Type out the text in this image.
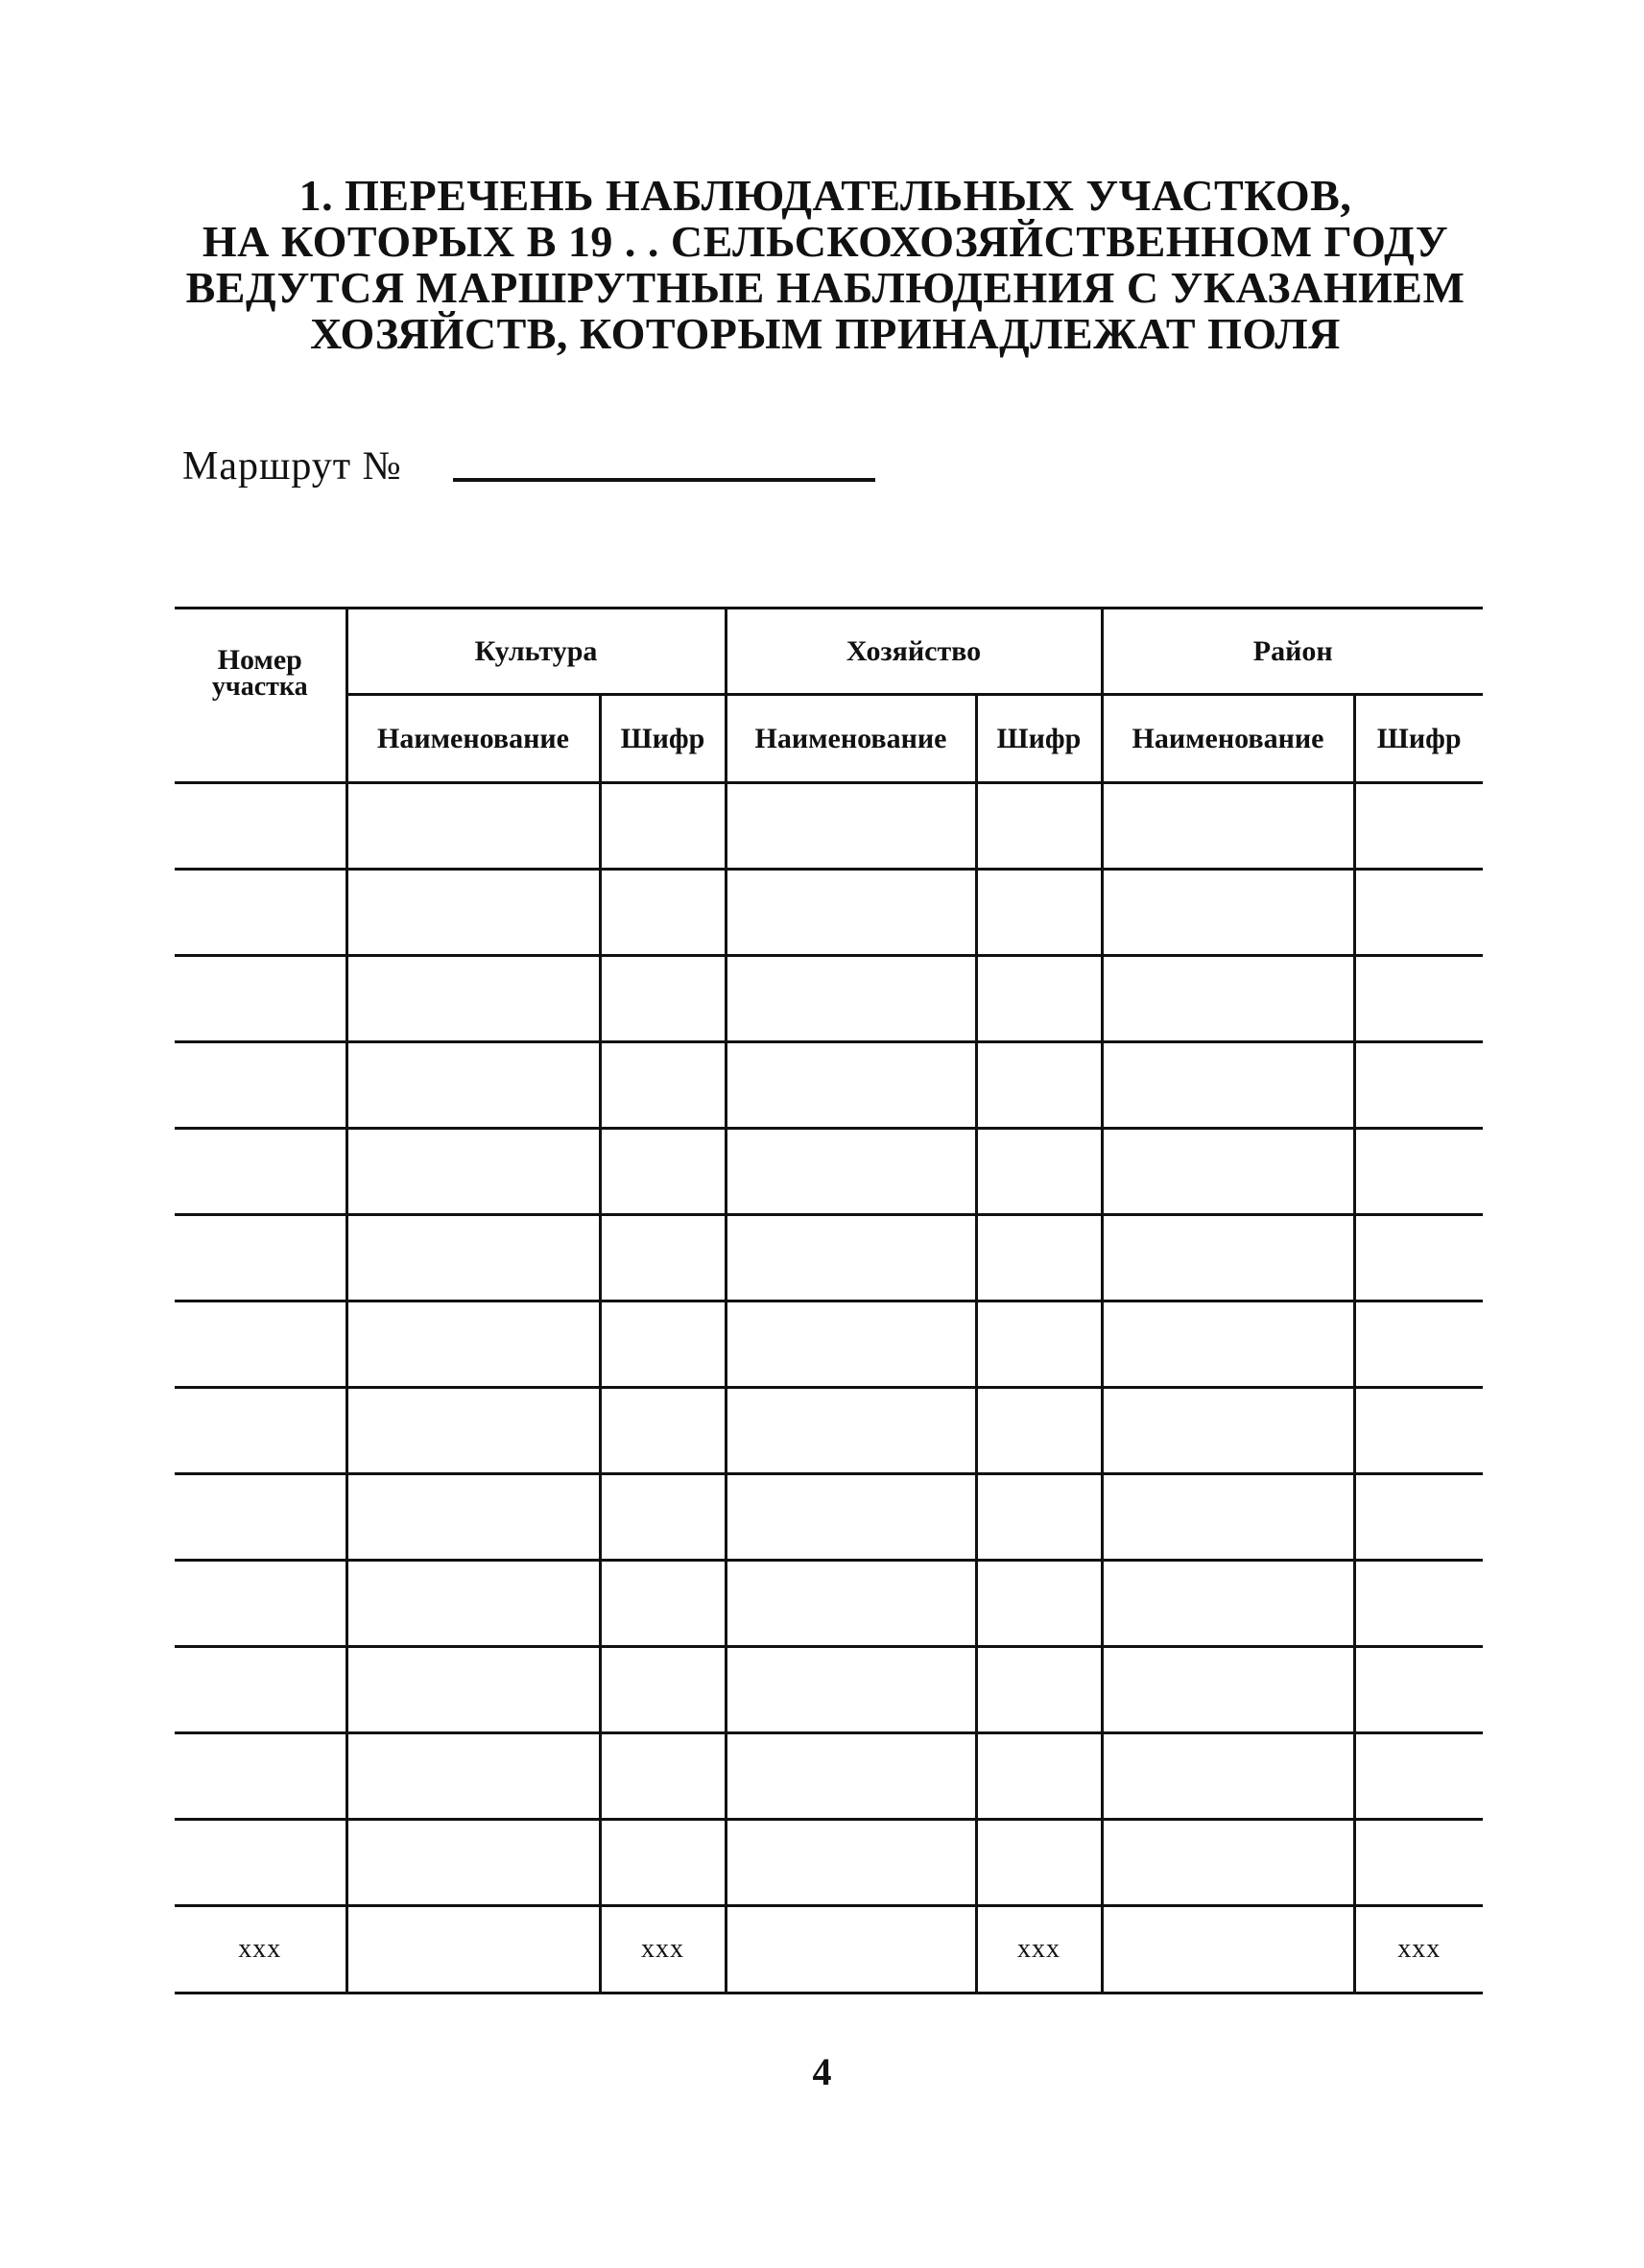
1. ПЕРЕЧЕНЬ НАБЛЮДАТЕЛЬНЫХ УЧАСТКОВ,
НА КОТОРЫХ В 19 . . СЕЛЬСКОХОЗЯЙСТВЕННОМ ГОДУ
ВЕДУТСЯ МАРШРУТНЫЕ НАБЛЮДЕНИЯ С УКАЗАНИЕМ
ХОЗЯЙСТВ, КОТОРЫМ ПРИНАДЛЕЖАТ ПОЛЯ
Маршрут №
Номер
участка	Культура		Хозяйство		Район	
	Наименование	Шифр	Наименование	Шифр	Наименование	Шифр

ххх		ххх		ххх		ххх
4
